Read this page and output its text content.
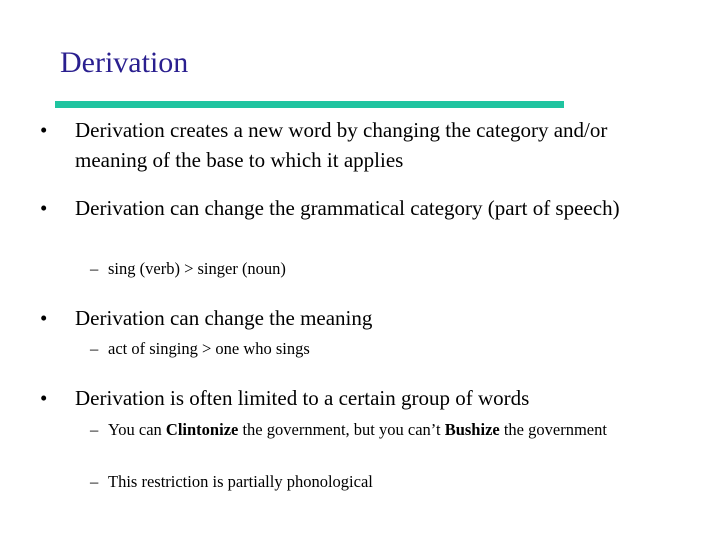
Derivation
• Derivation creates a new word by changing the category and/or meaning of the base to which it applies
• Derivation can change the grammatical category (part of speech)
– sing (verb) > singer (noun)
• Derivation can change the meaning
– act of singing > one who sings
• Derivation is often limited to a certain group of words
– You can Clintonize the government, but you can’t Bushize the government
– This restriction is partially phonological
